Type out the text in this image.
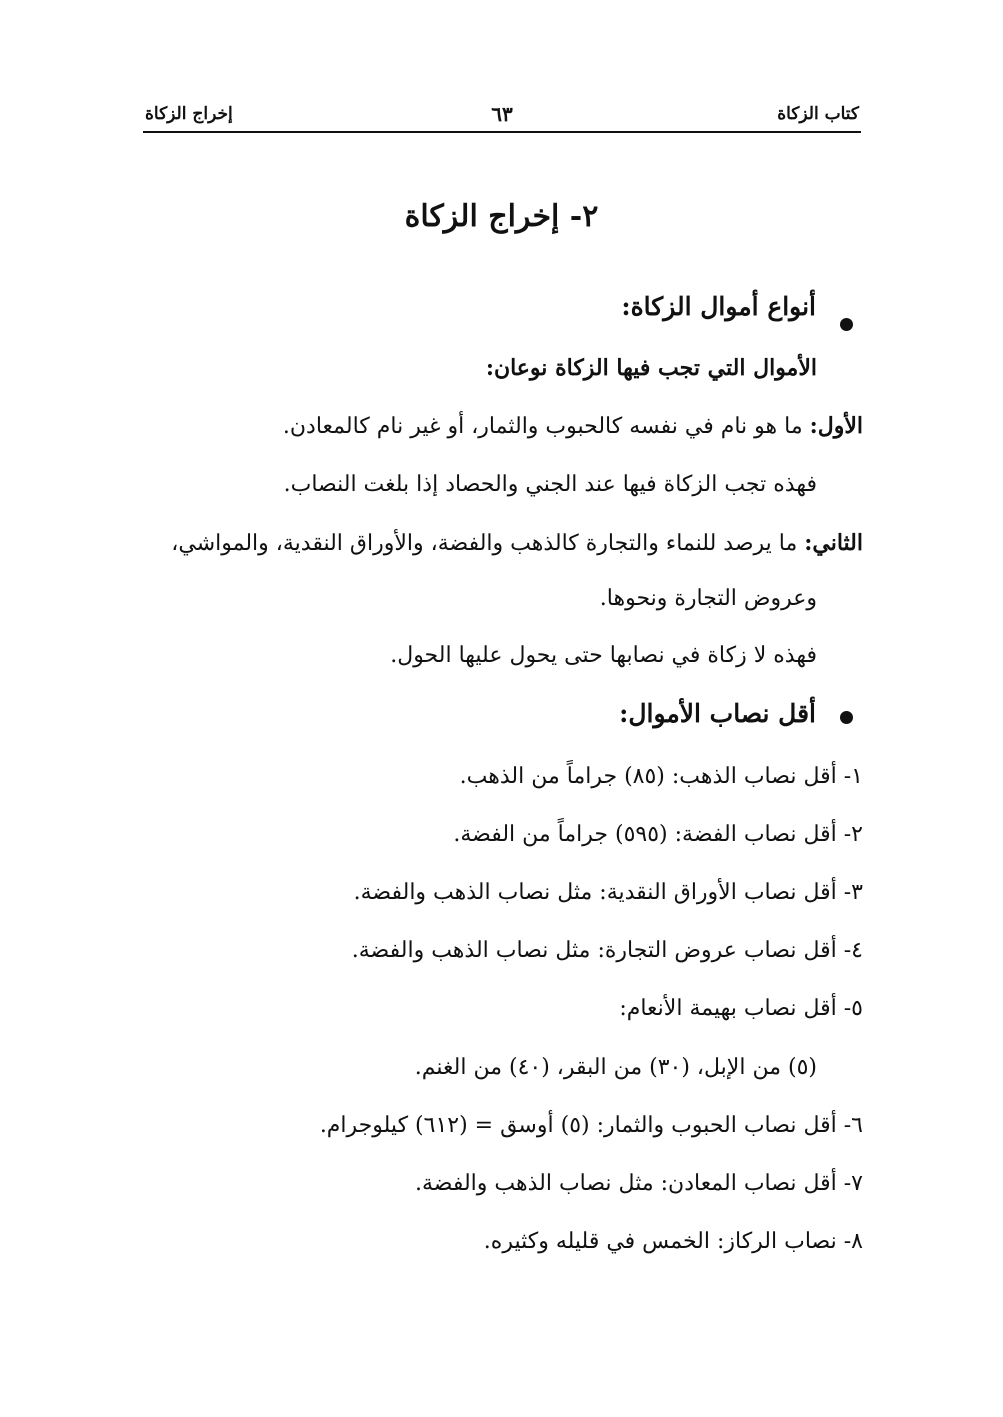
كتاب الزكاة
٦٣
إخراج الزكاة
٢- إخراج الزكاة
أنواع أموال الزكاة:
الأموال التي تجب فيها الزكاة نوعان:
الأول: ما هو نام في نفسه كالحبوب والثمار، أو غير نام كالمعادن.
فهذه تجب الزكاة فيها عند الجني والحصاد إذا بلغت النصاب.
الثاني: ما يرصد للنماء والتجارة كالذهب والفضة، والأوراق النقدية، والمواشي،
وعروض التجارة ونحوها.
فهذه لا زكاة في نصابها حتى يحول عليها الحول.
أقل نصاب الأموال:
١- أقل نصاب الذهب: (٨٥) جراماً من الذهب.
٢- أقل نصاب الفضة: (٥٩٥) جراماً من الفضة.
٣- أقل نصاب الأوراق النقدية: مثل نصاب الذهب والفضة.
٤- أقل نصاب عروض التجارة: مثل نصاب الذهب والفضة.
٥- أقل نصاب بهيمة الأنعام:
(٥) من الإبل، (٣٠) من البقر، (٤٠) من الغنم.
٦- أقل نصاب الحبوب والثمار: (٥) أوسق = (٦١٢) كيلوجرام.
٧- أقل نصاب المعادن: مثل نصاب الذهب والفضة.
٨- نصاب الركاز: الخمس في قليله وكثيره.
